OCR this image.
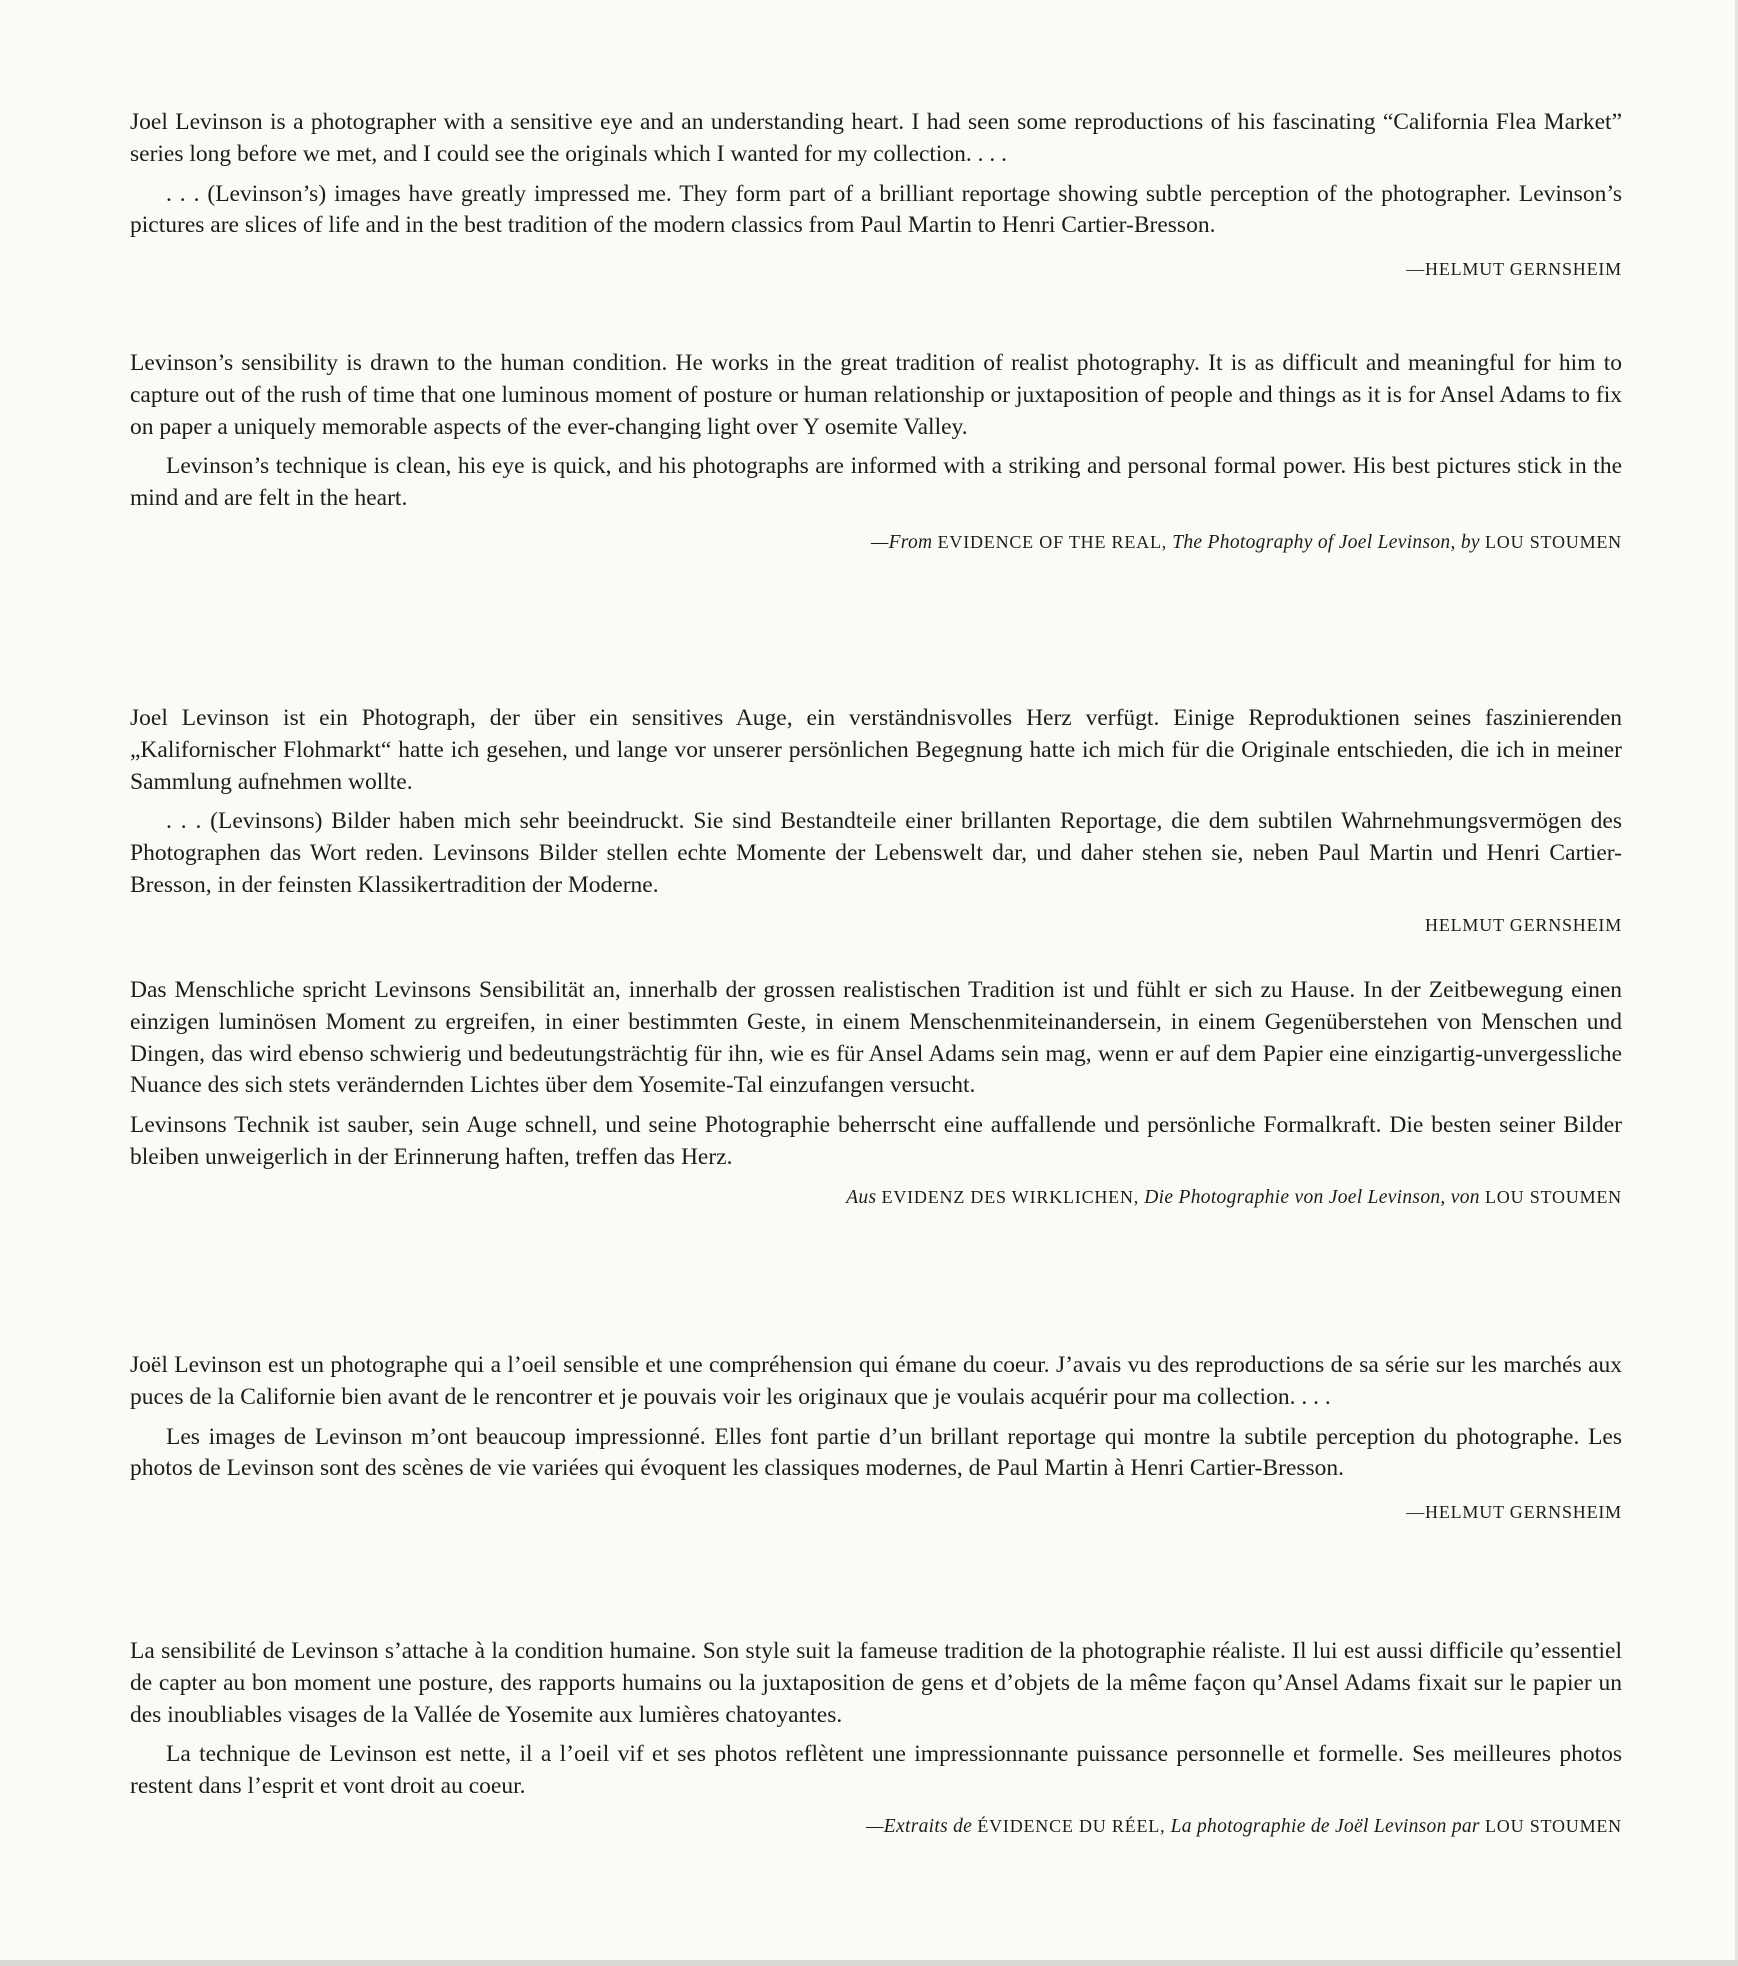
Joel Levinson is a photographer with a sensitive eye and an understanding heart. I had seen some reproductions of his fascinating “California Flea Market” series long before we met, and I could see the originals which I wanted for my collection. . . .

. . . (Levinson’s) images have greatly impressed me. They form part of a brilliant reportage showing subtle perception of the photographer. Levinson’s pictures are slices of life and in the best tradition of the modern classics from Paul Martin to Henri Cartier-Bresson.

—HELMUT GERNSHEIM

Levinson’s sensibility is drawn to the human condition. He works in the great tradition of realist photography. It is as difficult and meaningful for him to capture out of the rush of time that one luminous moment of posture or human relationship or juxtaposition of people and things as it is for Ansel Adams to fix on paper a uniquely memorable aspects of the ever-changing light over Y osemite Valley.

Levinson’s technique is clean, his eye is quick, and his photographs are informed with a striking and personal formal power. His best pictures stick in the mind and are felt in the heart.

—From EVIDENCE OF THE REAL, The Photography of Joel Levinson, by LOU STOUMEN

Joel Levinson ist ein Photograph, der über ein sensitives Auge, ein verständnisvolles Herz verfügt. Einige Reproduktionen seines faszinierenden „Kalifornischer Flohmarkt“ hatte ich gesehen, und lange vor unserer persönlichen Begegnung hatte ich mich für die Originale entschieden, die ich in meiner Sammlung aufnehmen wollte.

. . . (Levinsons) Bilder haben mich sehr beeindruckt. Sie sind Bestandteile einer brillanten Reportage, die dem subtilen Wahrnehmungsvermögen des Photographen das Wort reden. Levinsons Bilder stellen echte Momente der Lebenswelt dar, und daher stehen sie, neben Paul Martin und Henri Cartier-Bresson, in der feinsten Klassikertradition der Moderne.

HELMUT GERNSHEIM

Das Menschliche spricht Levinsons Sensibilität an, innerhalb der grossen realistischen Tradition ist und fühlt er sich zu Hause. In der Zeitbewegung einen einzigen luminösen Moment zu ergreifen, in einer bestimmten Geste, in einem Menschenmiteinandersein, in einem Gegenüberstehen von Menschen und Dingen, das wird ebenso schwierig und bedeutungsträchtig für ihn, wie es für Ansel Adams sein mag, wenn er auf dem Papier eine einzigartig-unvergessliche Nuance des sich stets verändernden Lichtes über dem Yosemite-Tal einzufangen versucht.

Levinsons Technik ist sauber, sein Auge schnell, und seine Photographie beherrscht eine auffallende und persönliche Formalkraft. Die besten seiner Bilder bleiben unweigerlich in der Erinnerung haften, treffen das Herz.

Aus EVIDENZ DES WIRKLICHEN, Die Photographie von Joel Levinson, von LOU STOUMEN

Joël Levinson est un photographe qui a l’oeil sensible et une compréhension qui émane du coeur. J’avais vu des reproductions de sa série sur les marchés aux puces de la Californie bien avant de le rencontrer et je pouvais voir les originaux que je voulais acquérir pour ma collection. . . .

Les images de Levinson m’ont beaucoup impressionné. Elles font partie d’un brillant reportage qui montre la subtile perception du photographe. Les photos de Levinson sont des scènes de vie variées qui évoquent les classiques modernes, de Paul Martin à Henri Cartier-Bresson.

—HELMUT GERNSHEIM

La sensibilité de Levinson s’attache à la condition humaine. Son style suit la fameuse tradition de la photographie réaliste. Il lui est aussi difficile qu’essentiel de capter au bon moment une posture, des rapports humains ou la juxtaposition de gens et d’objets de la même façon qu’Ansel Adams fixait sur le papier un des inoubliables visages de la Vallée de Yosemite aux lumières chatoyantes.

La technique de Levinson est nette, il a l’oeil vif et ses photos reflètent une impressionnante puissance personnelle et formelle. Ses meilleures photos restent dans l’esprit et vont droit au coeur.

—Extraits de ÉVIDENCE DU RÉEL, La photographie de Joël Levinson par LOU STOUMEN
